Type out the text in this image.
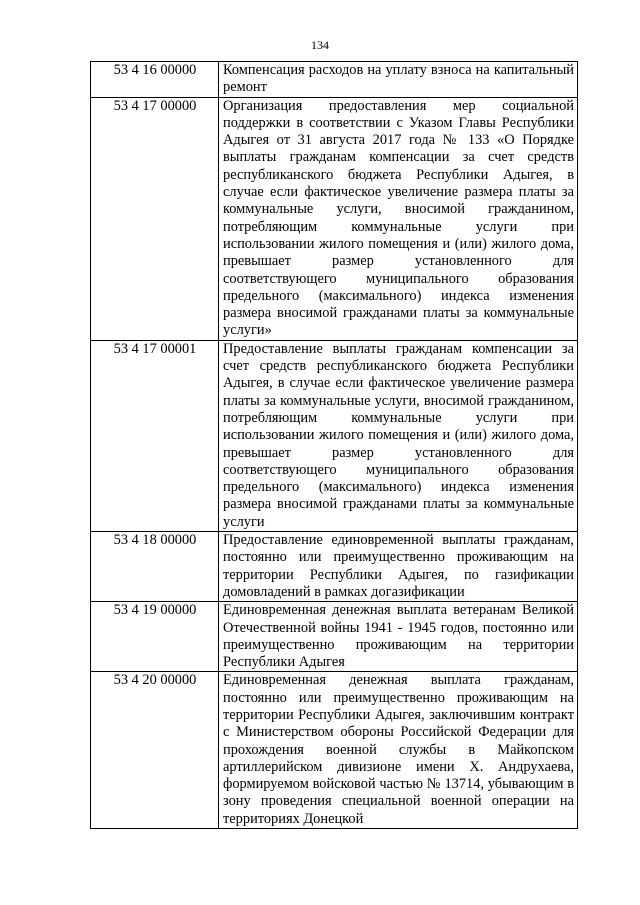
134
53 4 16 00000	Компенсация расходов на уплату взноса на капитальный ремонт
53 4 17 00000	Организация предоставления мер социальной поддержки в соответствии с Указом Главы Республики Адыгея от 31 августа 2017 года № 133 «О Порядке выплаты гражданам компенсации за счет средств республиканского бюджета Республики Адыгея, в случае если фактическое увеличение размера платы за коммунальные услуги, вносимой гражданином, потребляющим коммунальные услуги при использовании жилого помещения и (или) жилого дома, превышает размер установленного для соответствующего муниципального образования предельного (максимального) индекса изменения размера вносимой гражданами платы за коммунальные услуги»
53 4 17 00001	Предоставление выплаты гражданам компенсации за счет средств республиканского бюджета Республики Адыгея, в случае если фактическое увеличение размера платы за коммунальные услуги, вносимой гражданином, потребляющим коммунальные услуги при использовании жилого помещения и (или) жилого дома, превышает размер установленного для соответствующего муниципального образования предельного (максимального) индекса изменения размера вносимой гражданами платы за коммунальные услуги
53 4 18 00000	Предоставление единовременной выплаты гражданам, постоянно или преимущественно проживающим на территории Республики Адыгея, по газификации домовладений в рамках догазификации
53 4 19 00000	Единовременная денежная выплата ветеранам Великой Отечественной войны 1941 - 1945 годов, постоянно или преимущественно проживающим на территории Республики Адыгея
53 4 20 00000	Единовременная денежная выплата гражданам, постоянно или преимущественно проживающим на территории Республики Адыгея, заключившим контракт с Министерством обороны Российской Федерации для прохождения военной службы в Майкопском артиллерийском дивизионе имени Х. Андрухаева, формируемом войсковой частью № 13714, убывающим в зону проведения специальной военной операции на территориях Донецкой
